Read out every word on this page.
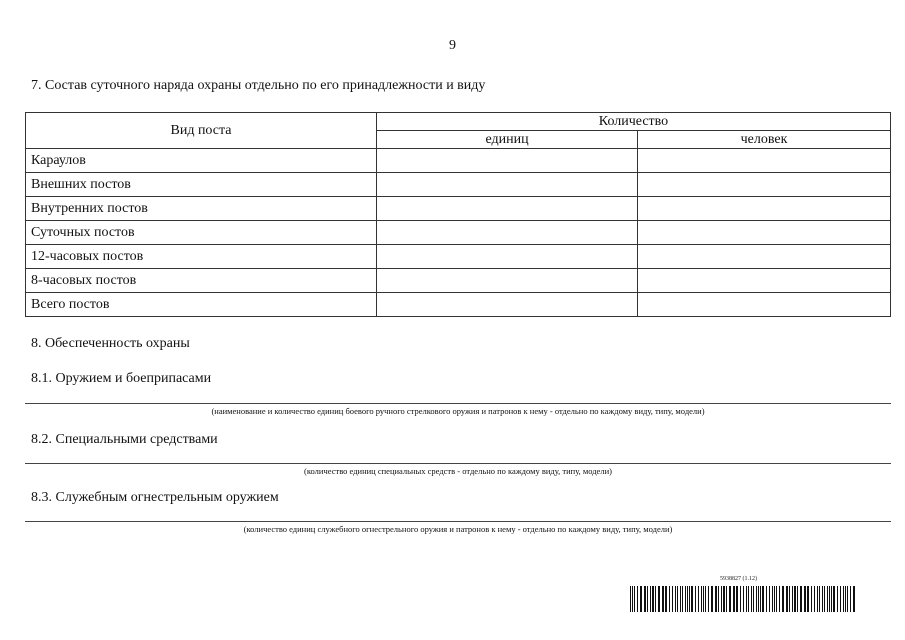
9
7. Состав суточного наряда охраны отдельно по его принадлежности и виду
Вид поста	Количество	
	единиц	человек
Караулов		
Внешних постов		
Внутренних постов		
Суточных постов		
12-часовых постов		
8-часовых постов		
Всего постов		
8. Обеспеченность охраны
8.1. Оружием и боеприпасами
(наименование и количество единиц боевого ручного стрелкового оружия и патронов к нему - отдельно по каждому виду, типу, модели)
8.2. Специальными средствами
(количество единиц специальных средств - отдельно по каждому виду, типу, модели)
8.3. Служебным огнестрельным оружием
(количество единиц служебного огнестрельного оружия и патронов к нему - отдельно по каждому виду, типу, модели)
5938827 (1.12)
